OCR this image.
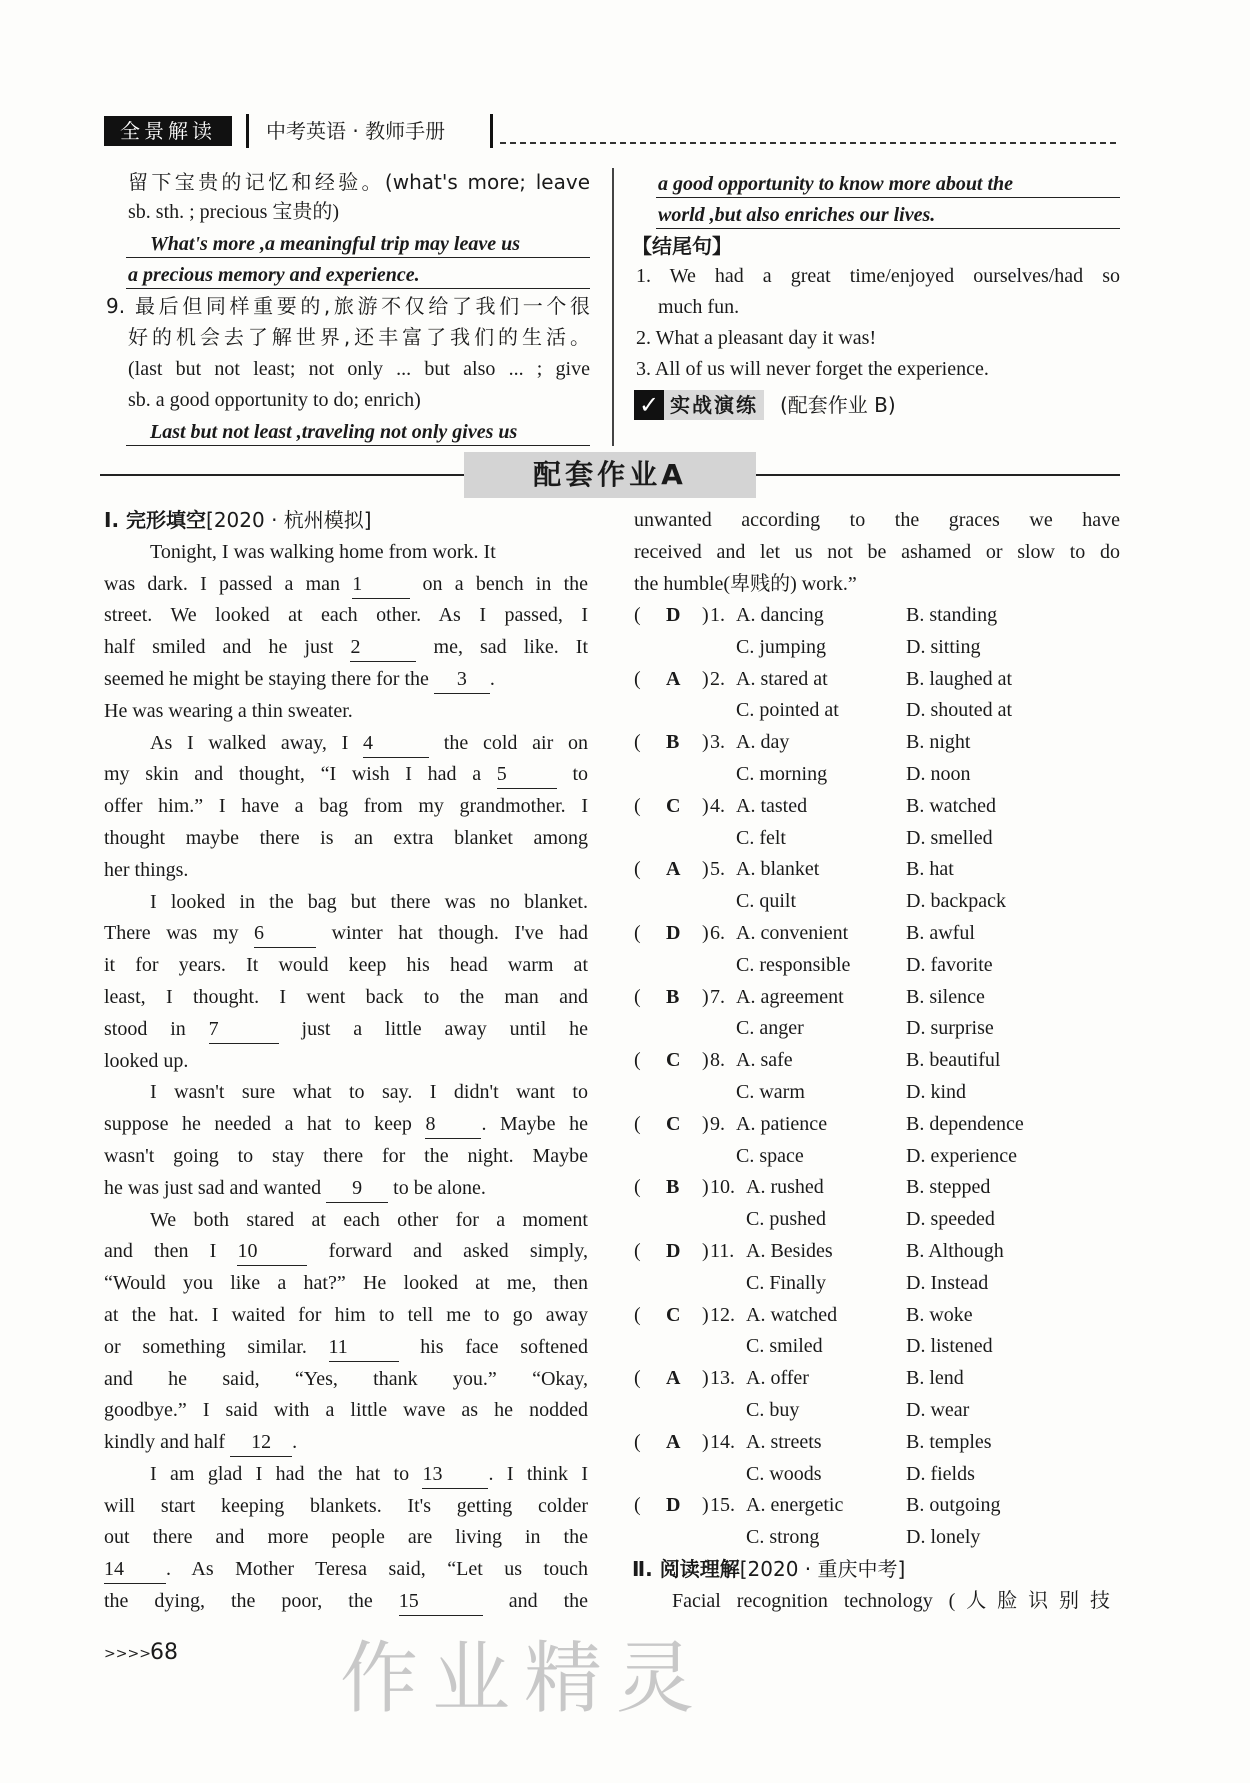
全景解读	中考英语 · 教师手册
留下宝贵的记忆和经验。(what's more; leave
sb. sth. ; precious 宝贵的)
What's more ,a meaningful trip may leave us
a precious memory and experience.
9. 最后但同样重要的,旅游不仅给了我们一个很
好的机会去了解世界,还丰富了我们的生活。
(last but not least; not only ... but also ... ; give
sb. a good opportunity to do; enrich)
Last but not least ,traveling not only gives us
a good opportunity to know more about the
world ,but also enriches our lives.
【结尾句】
1. We had a great time/enjoyed ourselves/had so
much fun.
2. What a pleasant day it was!
3. All of us will never forget the experience.
✓ 实战演练	(配套作业 B)
配套作业A
Ⅰ. 完形填空[2020 · 杭州模拟]
Tonight, I was walking home from work. It
was dark. I passed a man 1	on a bench in the
street. We looked at each other. As I passed, I
half smiled and he just 2	me, sad like. It
seemed he might be staying there for the 3 .
He was wearing a thin sweater.
As I walked away, I 4	the cold air on
my skin and thought, “I wish I had a 5	to
offer him.” I have a bag from my grandmother. I
thought maybe there is an extra blanket among
her things.
I looked in the bag but there was no blanket.
There was my 6	winter hat though. I've had
it for years. It would keep his head warm at
least, I thought. I went back to the man and
stood in 7	just a little away until he
looked up.
I wasn't sure what to say. I didn't want to
suppose he needed a hat to keep 8 . Maybe he
wasn't going to stay there for the night. Maybe
he was just sad and wanted 9 to be alone.
We both stared at each other for a moment
and then I 10	forward and asked simply,
“Would you like a hat?” He looked at me, then
at the hat. I waited for him to tell me to go away
or something similar. 11	his face softened
and he said, “Yes, thank you.” “Okay,
goodbye.” I said with a little wave as he nodded
kindly and half 12 .
I am glad I had the hat to 13 . I think I
will start keeping blankets. It's getting colder
out there and more people are living in the
14 . As Mother Teresa said, “Let us touch
the dying, the poor, the 15	and the
unwanted according to the graces we have
received and let us not be ashamed or slow to do
the humble(卑贱的) work.”
( D ) 1. A. dancing	B. standing
C. jumping	D. sitting
( A ) 2. A. stared at	B. laughed at
C. pointed at	D. shouted at
( B ) 3. A. day	B. night
C. morning	D. noon
( C ) 4. A. tasted	B. watched
C. felt	D. smelled
( A ) 5. A. blanket	B. hat
C. quilt	D. backpack
( D ) 6. A. convenient	B. awful
C. responsible	D. favorite
( B ) 7. A. agreement	B. silence
C. anger	D. surprise
( C ) 8. A. safe	B. beautiful
C. warm	D. kind
( C ) 9. A. patience	B. dependence
C. space	D. experience
( B ) 10. A. rushed	B. stepped
C. pushed	D. speeded
( D ) 11. A. Besides	B. Although
C. Finally	D. Instead
( C ) 12. A. watched	B. woke
C. smiled	D. listened
( A ) 13. A. offer	B. lend
C. buy	D. wear
( A ) 14. A. streets	B. temples
C. woods	D. fields
( D ) 15. A. energetic	B. outgoing
C. strong	D. lonely
Ⅱ. 阅读理解[2020 · 重庆中考]
Facial recognition technology (人脸识别技
>>>> 68 作业精灵
